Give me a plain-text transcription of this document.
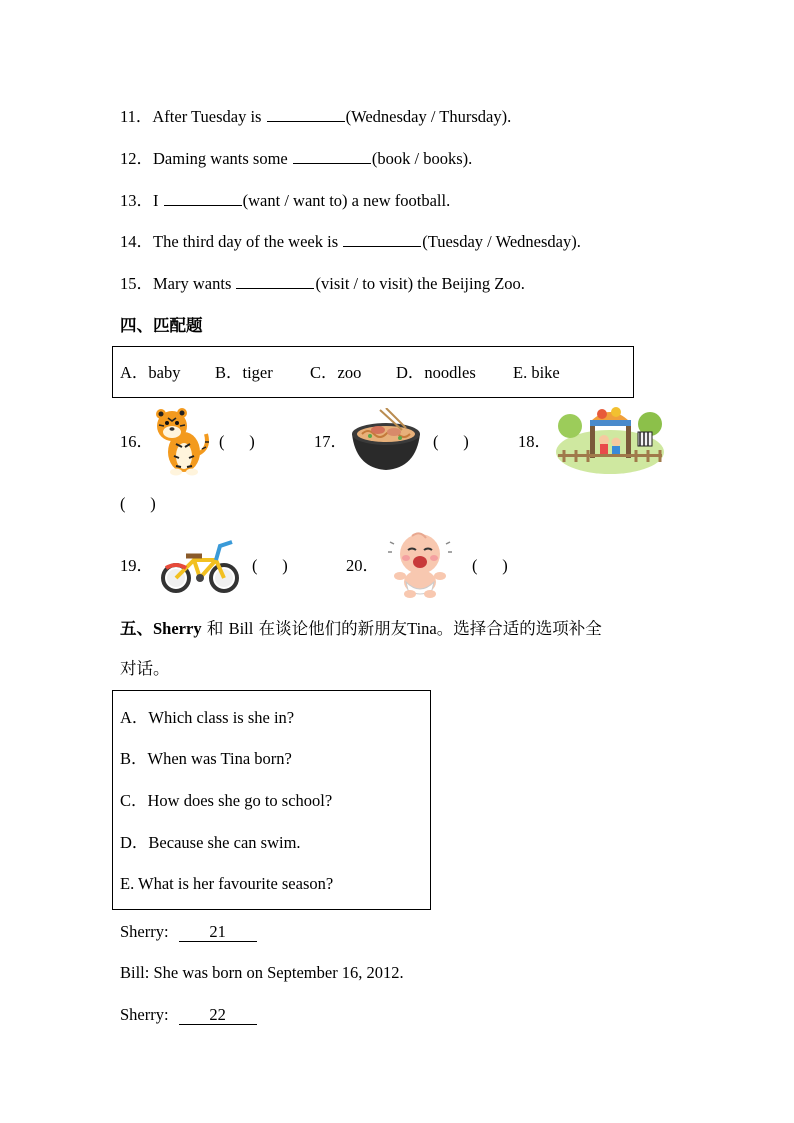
11．After Tuesday is	(Wednesday / Thursday).
12．Daming wants some	(book / books).
13．I	(want / want to) a new football.
14．The third day of the week is	(Tuesday / Wednesday).
15．Mary wants	(visit / to visit) the Beijing Zoo.
四、匹配题
A．baby B．tiger C．zoo D．noodles E. bike
16．	(      )	17．	(      )	18．
(      )
19．	(      )	20．	(      )
五、Sherry 和 Bill 在谈论他们的新朋友Tina。选择合适的选项补全
对话。
A．Which class is she in?
B．When was Tina born?
C．How does she go to school?
D．Because she can swim.
E. What is her favourite season?
Sherry: 21
Bill: She was born on September 16, 2012.
Sherry: 22
